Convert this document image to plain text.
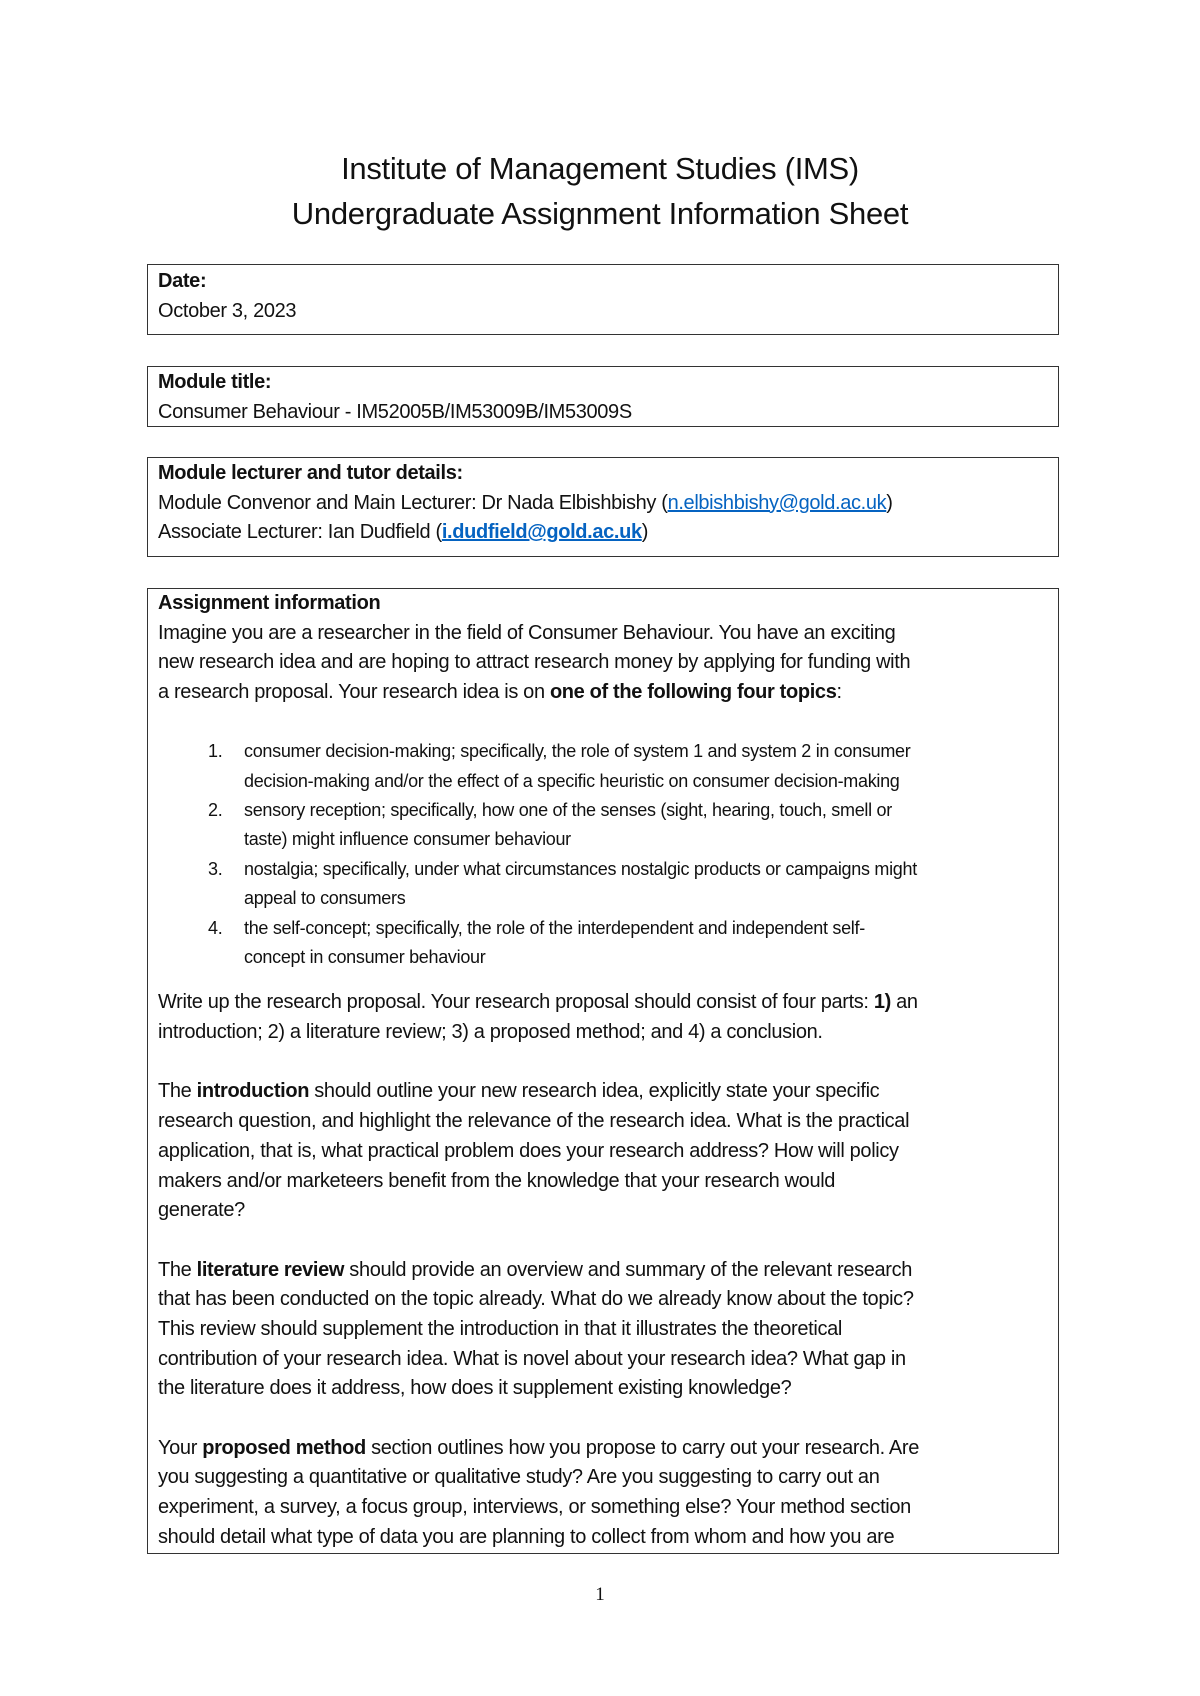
Institute of Management Studies (IMS)
Undergraduate Assignment Information Sheet
Date:
October 3, 2023
Module title:
Consumer Behaviour - IM52005B/IM53009B/IM53009S
Module lecturer and tutor details:
Module Convenor and Main Lecturer: Dr Nada Elbishbishy (n.elbishbishy@gold.ac.uk)
Associate Lecturer: Ian Dudfield (i.dudfield@gold.ac.uk)
Assignment information
Imagine you are a researcher in the field of Consumer Behaviour. You have an exciting
new research idea and are hoping to attract research money by applying for funding with
a research proposal. Your research idea is on one of the following four topics:
1. consumer decision-making; specifically, the role of system 1 and system 2 in consumer
decision-making and/or the effect of a specific heuristic on consumer decision-making
2. sensory reception; specifically, how one of the senses (sight, hearing, touch, smell or
taste) might influence consumer behaviour
3. nostalgia; specifically, under what circumstances nostalgic products or campaigns might
appeal to consumers
4. the self-concept; specifically, the role of the interdependent and independent self-
concept in consumer behaviour
Write up the research proposal. Your research proposal should consist of four parts: 1) an
introduction; 2) a literature review; 3) a proposed method; and 4) a conclusion.
The introduction should outline your new research idea, explicitly state your specific
research question, and highlight the relevance of the research idea. What is the practical
application, that is, what practical problem does your research address? How will policy
makers and/or marketeers benefit from the knowledge that your research would
generate?
The literature review should provide an overview and summary of the relevant research
that has been conducted on the topic already. What do we already know about the topic?
This review should supplement the introduction in that it illustrates the theoretical
contribution of your research idea. What is novel about your research idea? What gap in
the literature does it address, how does it supplement existing knowledge?
Your proposed method section outlines how you propose to carry out your research. Are
you suggesting a quantitative or qualitative study? Are you suggesting to carry out an
experiment, a survey, a focus group, interviews, or something else? Your method section
should detail what type of data you are planning to collect from whom and how you are
1
